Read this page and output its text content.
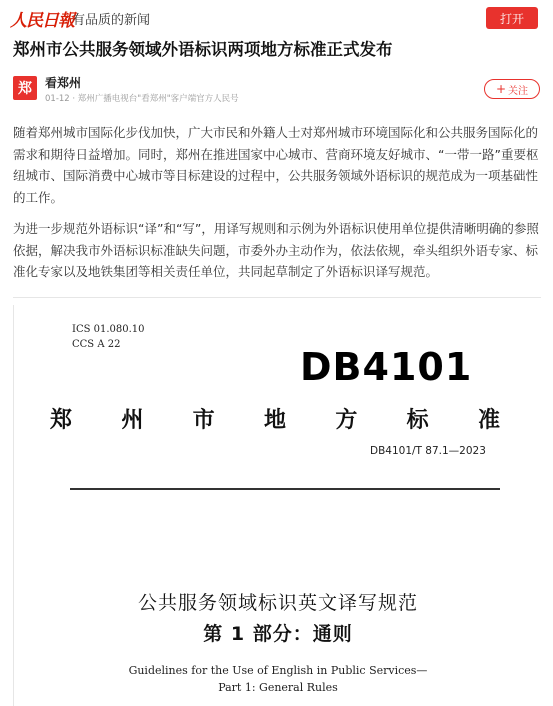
人民日報
有品质的新闻	打开
郑州市公共服务领域外语标识两项地方标准正式发布
郑	看郑州
01-12 · 郑州广播电视台"看郑州"客户端官方人民号
+ 关注

随着郑州城市国际化步伐加快，广大市民和外籍人士对郑州城市环境国际化和公共服务国际化的需求和期待日益增加。同时，郑州在推进国家中心城市、营商环境友好城市、“一带一路”重要枢纽城市、国际消费中心城市等目标建设的过程中，公共服务领域外语标识的规范成为一项基础性的工作。

为进一步规范外语标识“译”和“写”，用译写规则和示例为外语标识使用单位提供清晰明确的参照依据，解决我市外语标识标准缺失问题，市委外办主动作为，依法依规，牵头组织外语专家、标准化专家以及地铁集团等相关责任单位，共同起草制定了外语标识译写规范。

ICS 01.080.10
CCS A 22
DB4101
郑 州 市 地 方 标 准
DB4101/T 87.1—2023
公共服务领域标识英文译写规范
第 1 部分：通则
Guidelines for the Use of English in Public Services—
Part 1: General Rules
